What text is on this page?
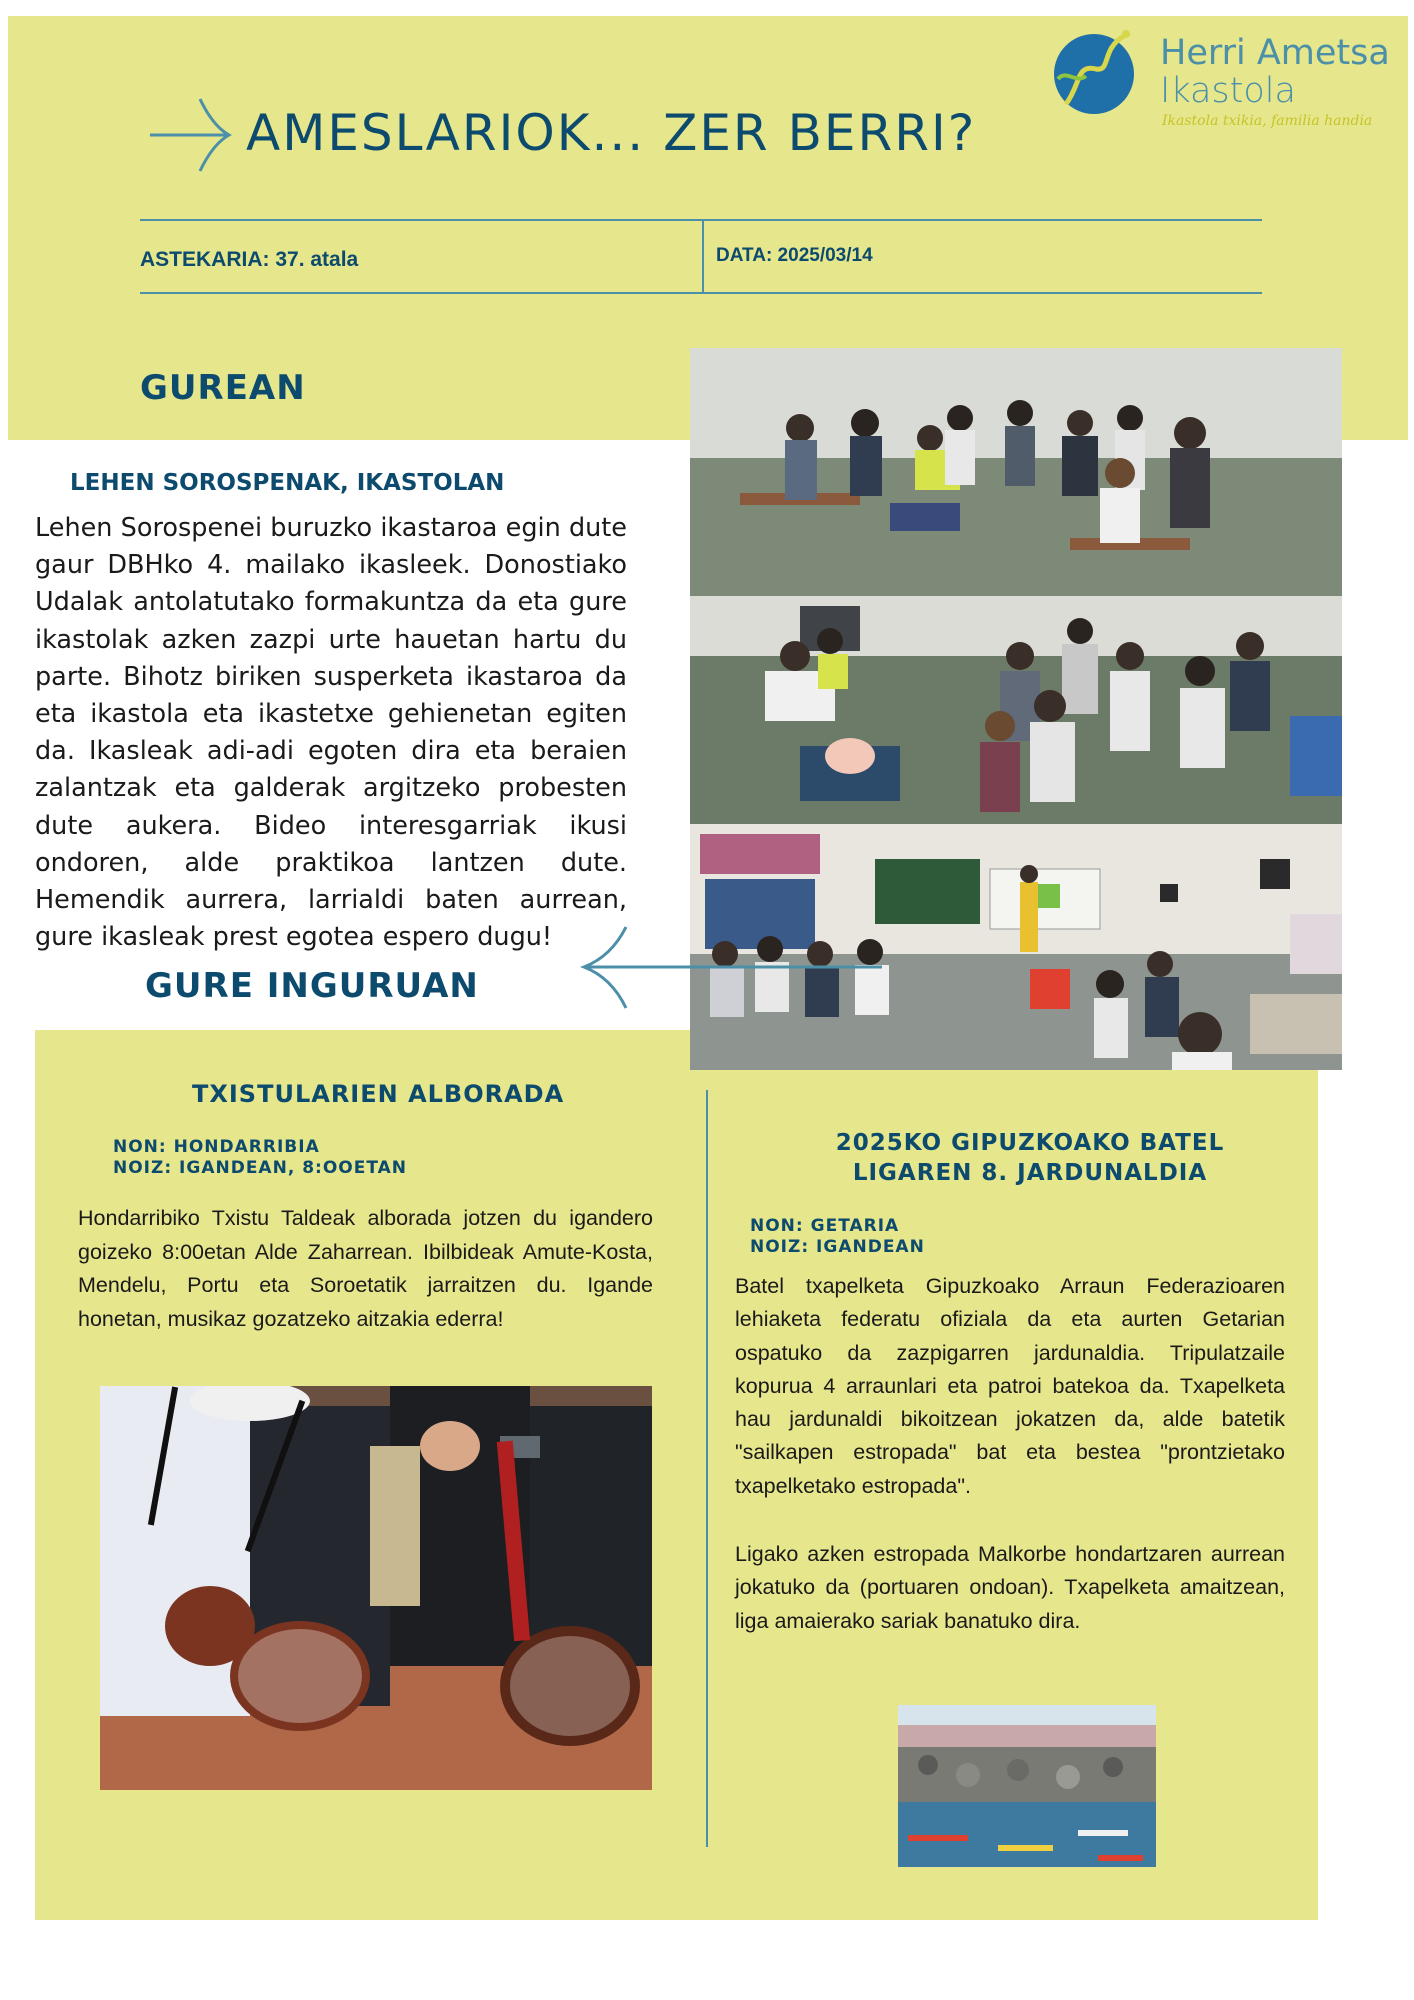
Herri Ametsa
Ikastola
Ikastola txikia, familia handia
AMESLARIOK... ZER BERRI?
ASTEKARIA: 37. atala	DATA: 2025/03/14
GUREAN
LEHEN SOROSPENAK, IKASTOLAN

Lehen Sorospenei buruzko ikastaroa egin dute gaur DBHko 4. mailako ikasleek. Donostiako Udalak antolatutako formakuntza da eta gure ikastolak azken zazpi urte hauetan hartu du parte. Bihotz biriken susperketa ikastaroa da eta ikastola eta ikastetxe gehienetan egiten da. Ikasleak adi-adi egoten dira eta beraien zalantzak eta galderak argitzeko probesten dute aukera. Bideo interesgarriak ikusi ondoren, alde praktikoa lantzen dute. Hemendik aurrera, larrialdi baten aurrean, gure ikasleak prest egotea espero dugu!

GURE INGURUAN
TXISTULARIEN ALBORADA
NON: HONDARRIBIA
NOIZ: IGANDEAN, 8:OOETAN

Hondarribiko Txistu Taldeak alborada jotzen du igandero goizeko 8:00etan Alde Zaharrean. Ibilbideak Amute-Kosta, Mendelu, Portu eta Soroetatik jarraitzen du. Igande honetan, musikaz gozatzeko aitzakia ederra!

2025KO GIPUZKOAKO BATEL
LIGAREN 8. JARDUNALDIA
NON: GETARIA
NOIZ: IGANDEAN

Batel txapelketa Gipuzkoako Arraun Federazioaren lehiaketa federatu ofiziala da eta aurten Getarian ospatuko da zazpigarren jardunaldia. Tripulatzaile kopurua 4 arraunlari eta patroi batekoa da. Txapelketa hau jardunaldi bikoitzean jokatzen da, alde batetik "sailkapen estropada" bat eta bestea "prontzietako txapelketako estropada".

Ligako azken estropada Malkorbe hondartzaren aurrean jokatuko da (portuaren ondoan). Txapelketa amaitzean, liga amaierako sariak banatuko dira.
